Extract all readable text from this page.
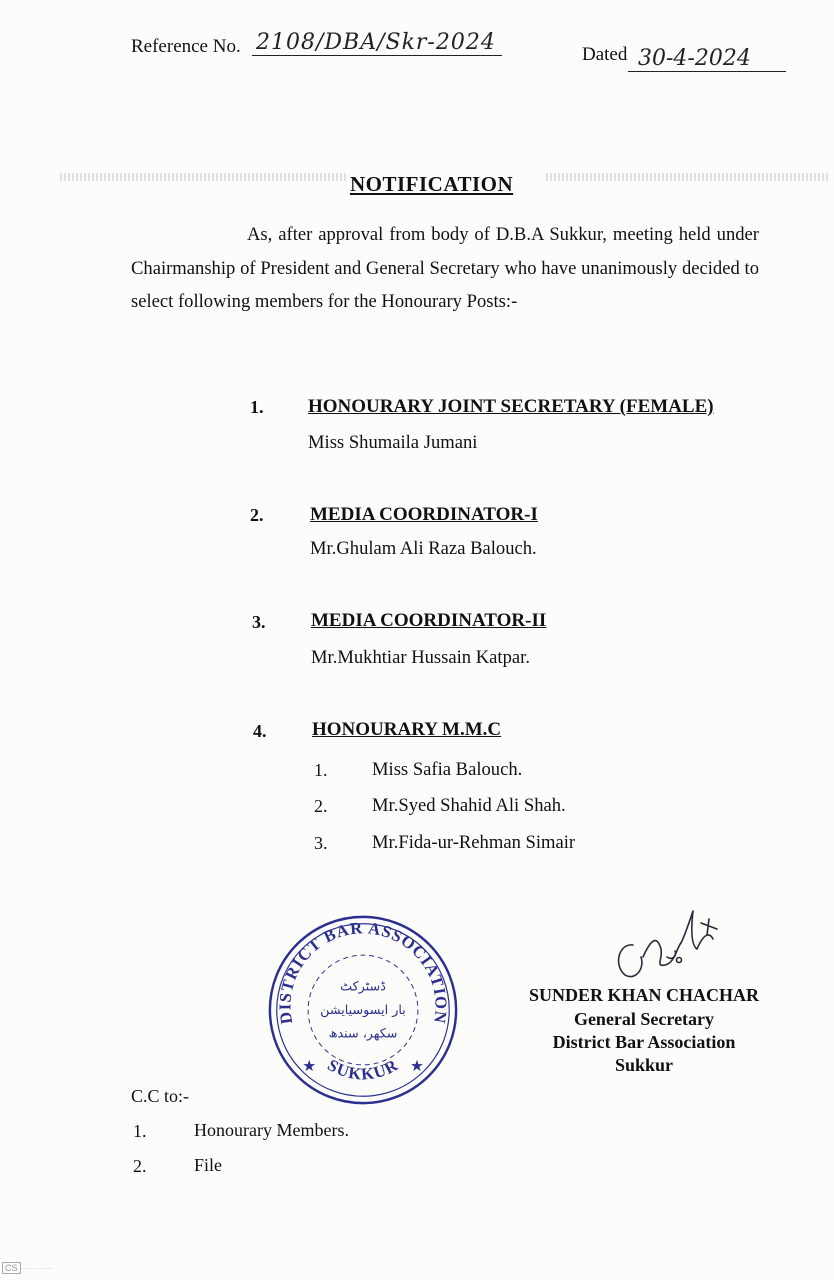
Reference No. 2108/DBA/Skr-2024	Dated 30-4-2024
NOTIFICATION

As, after approval from body of D.B.A Sukkur, meeting held under Chairmanship of President and General Secretary who have unanimously decided to select following members for the Honourary Posts:-

1. HONOURARY JOINT SECRETARY (FEMALE)
Miss Shumaila Jumani
2. MEDIA COORDINATOR-I
Mr.Ghulam Ali Raza Balouch.
3. MEDIA COORDINATOR-II
Mr.Mukhtiar Hussain Katpar.
4. HONOURARY M.M.C
1. Miss Safia Balouch.
2. Mr.Syed Shahid Ali Shah.
3. Mr.Fida-ur-Rehman Simair
DISTRICT BAR ASSOCIATION
SUKKUR
★	★
ڈسٹرکٹ
بار ایسوسیایشن
سکھر، سندھ
SUNDER KHAN CHACHAR
General Secretary
District Bar Association
Sukkur
C.C to:-
1.	Honourary Members.
2.	File
CS ........................
